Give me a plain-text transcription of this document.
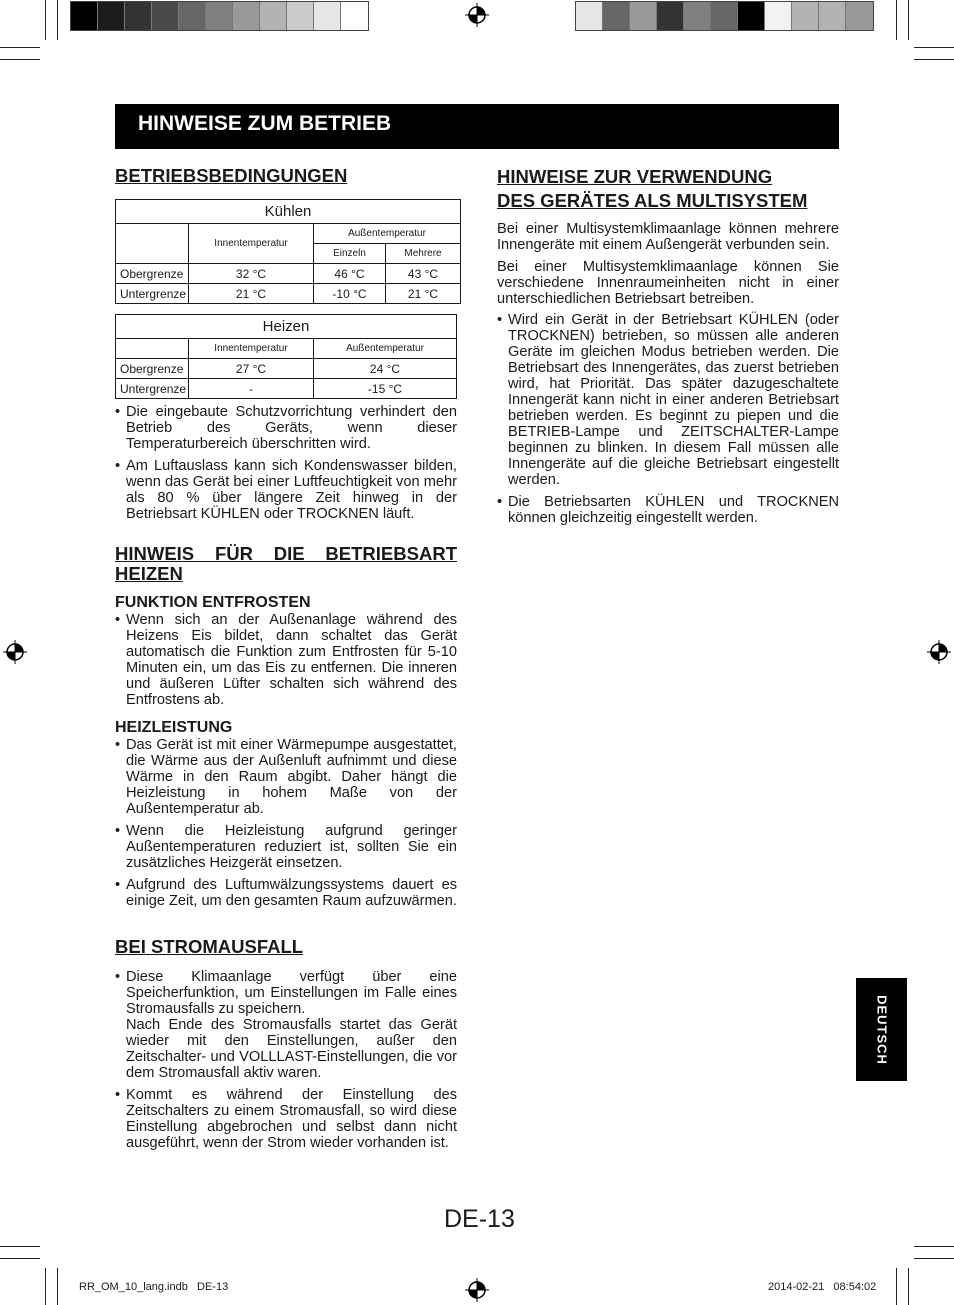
HINWEISE ZUM BETRIEB
BETRIEBSBEDINGUNGEN
Kühlen			
	Innentemperatur	Außentemperatur	
		Einzeln	Mehrere
Obergrenze	32 °C	46 °C	43 °C
Untergrenze	21 °C	-10 °C	21 °C
Heizen		
	Innentemperatur	Außentemperatur
Obergrenze	27 °C	24 °C
Untergrenze	-	-15 °C
• Die eingebaute Schutzvorrichtung verhindert den Betrieb des Geräts, wenn dieser Temperaturbereich überschritten wird.
• Am Luftauslass kann sich Kondenswasser bilden, wenn das Gerät bei einer Luftfeuchtigkeit von mehr als 80 % über längere Zeit hinweg in der Betriebsart KÜHLEN oder TROCKNEN läuft.
HINWEIS FÜR DIE BETRIEBSART HEIZEN
FUNKTION ENTFROSTEN
• Wenn sich an der Außenanlage während des Heizens Eis bildet, dann schaltet das Gerät automatisch die Funktion zum Entfrosten für 5-10 Minuten ein, um das Eis zu entfernen. Die inneren und äußeren Lüfter schalten sich während des Entfrostens ab.
HEIZLEISTUNG
• Das Gerät ist mit einer Wärmepumpe ausgestattet, die Wärme aus der Außenluft aufnimmt und diese Wärme in den Raum abgibt. Daher hängt die Heizleistung in hohem Maße von der Außentemperatur ab.
• Wenn die Heizleistung aufgrund geringer Außentemperaturen reduziert ist, sollten Sie ein zusätzliches Heizgerät einsetzen.
• Aufgrund des Luftumwälzungssystems dauert es einige Zeit, um den gesamten Raum aufzuwärmen.
BEI STROMAUSFALL
• Diese Klimaanlage verfügt über eine Speicherfunktion, um Einstellungen im Falle eines Stromausfalls zu speichern.
Nach Ende des Stromausfalls startet das Gerät wieder mit den Einstellungen, außer den Zeitschalter- und VOLLLAST-Einstellungen, die vor dem Stromausfall aktiv waren.
• Kommt es während der Einstellung des Zeitschalters zu einem Stromausfall, so wird diese Einstellung abgebrochen und selbst dann nicht ausgeführt, wenn der Strom wieder vorhanden ist.
HINWEISE ZUR VERWENDUNG
DES GERÄTES ALS MULTISYSTEM

Bei einer Multisystemklimaanlage können mehrere Innengeräte mit einem Außengerät verbunden sein.

Bei einer Multisystemklimaanlage können Sie verschiedene Innenraumeinheiten nicht in einer unterschiedlichen Betriebsart betreiben.

• Wird ein Gerät in der Betriebsart KÜHLEN (oder TROCKNEN) betrieben, so müssen alle anderen Geräte im gleichen Modus betrieben werden. Die Betriebsart des Innengerätes, das zuerst betrieben wird, hat Priorität. Das später dazugeschaltete Innengerät kann nicht in einer anderen Betriebsart betrieben werden. Es beginnt zu piepen und die BETRIEB-Lampe und ZEITSCHALTER-Lampe beginnen zu blinken. In diesem Fall müssen alle Innengeräte auf die gleiche Betriebsart eingestellt werden.
• Die Betriebsarten KÜHLEN und TROCKNEN können gleichzeitig eingestellt werden.
DEUTSCH
DE-13
RR_OM_10_lang.indb   DE-13	2014-02-21   08:54:02
